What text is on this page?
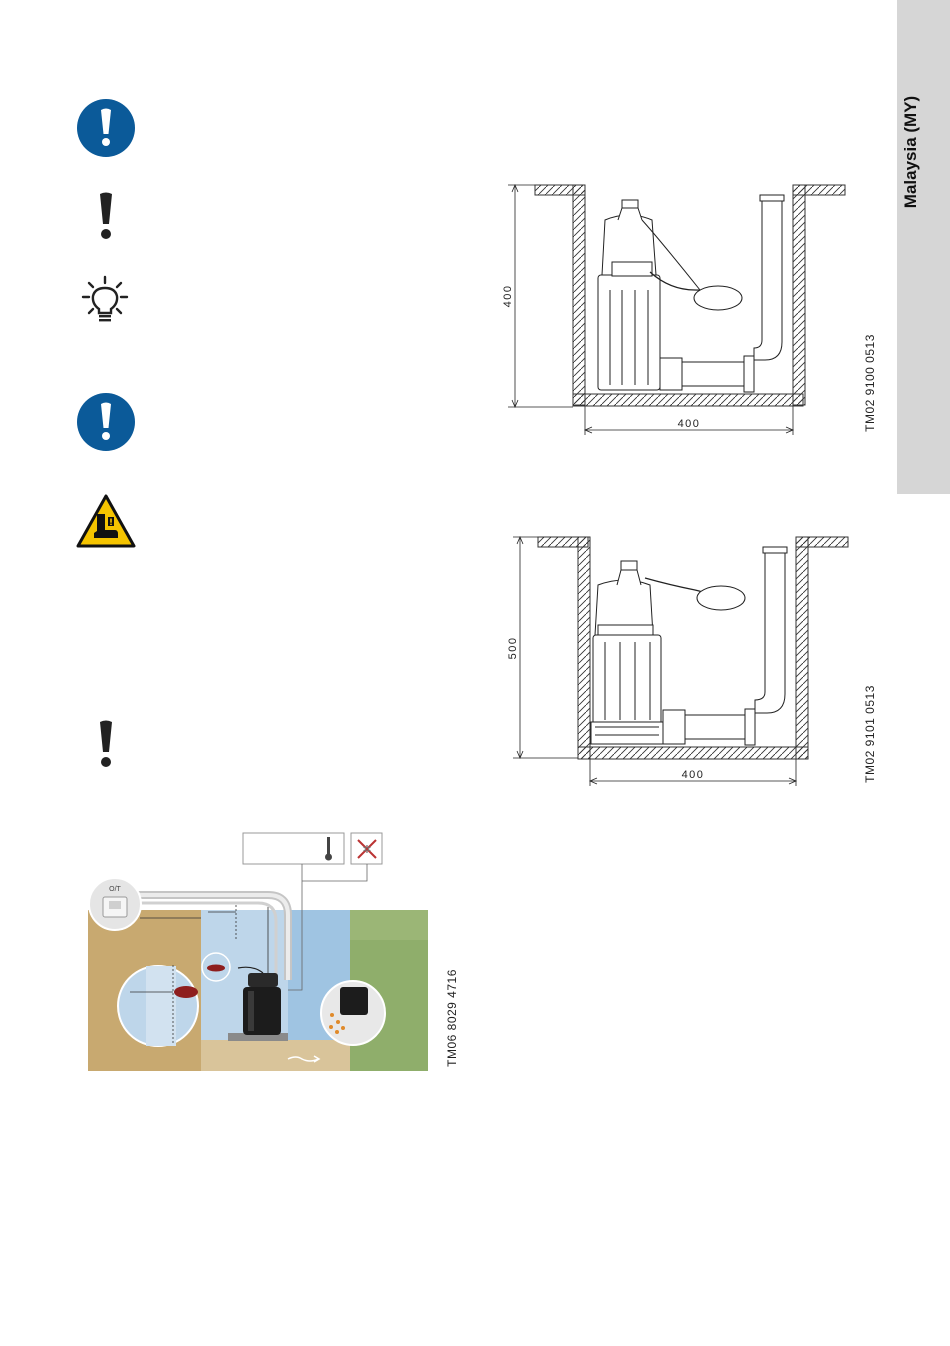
Malaysia (MY)
O/T
✲
TM06 8029 4716
400
400	TM02 9100 0513
500
400	TM02 9101 0513
